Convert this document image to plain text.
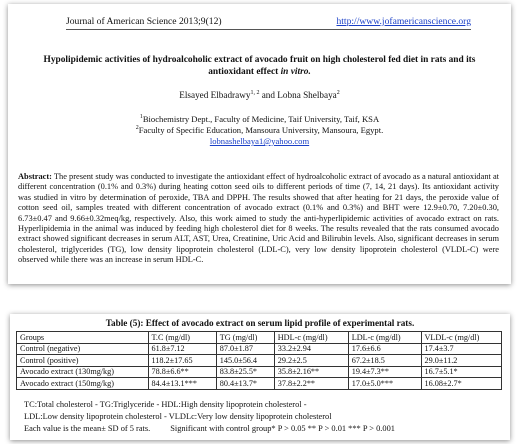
Journal of American Science 2013;9(12)	http://www.jofamericanscience.org
Hypolipidemic activities of hydroalcoholic extract of avocado fruit on high cholesterol fed diet in rats and its antioxidant effect in vitro.
Elsayed Elbadrawy$^{1, 2}$ and Lobna Shelbaya$^2$
$^1$Biochemistry Dept., Faculty of Medicine, Taif University, Taif, KSA
$^2$Faculty of Specific Education, Mansoura University, Mansoura, Egypt.
lobnashelbaya1@yahoo.com
Abstract: The present study was conducted to investigate the antioxidant effect of hydroalcoholic extract of avocado as a natural antioxidant at different concentration (0.1% and 0.3%) during heating cotton seed oils to different periods of time (7, 14, 21 days). Its antioxidant activity was studied in vitro by determination of peroxide, TBA and DPPH. The results showed that after heating for 21 days, the peroxide value of cotton seed oil, samples treated with different concentration of avocado extract (0.1% and 0.3%) and BHT were 12.9±0.70, 7.20±0.30, 6.73±0.47 and 9.66±0.32meq/kg, respectively. Also, this work aimed to study the anti-hyperlipidemic activities of avocado extract on rats. Hyperlipidemia in the animal was induced by feeding high cholesterol diet for 8 weeks. The results revealed that the rats consumed avocado extract showed significant decreases in serum ALT, AST, Urea, Creatinine, Uric Acid and Bilirubin levels. Also, significant decreases in serum cholesterol, triglycerides (TG), low density lipoprotein cholesterol (LDL-C), very low density lipoprotein cholesterol (VLDL-C) were observed while there was an increase in serum HDL-C.
Table (5): Effect of avocado extract on serum lipid profile of experimental rats.
Groups	T.C (mg/dl)	TG (mg/dl)	HDL-c (mg/dl)	LDL-c (mg/dl)	VLDL-c (mg/dl)
Control (negative)	61.8±7.12	87.0±1.87	33.2±2.94	17.6±6.6	17.4±3.7
Control (positive)	118.2±17.65	145.0±56.4	29.2±2.5	67.2±18.5	29.0±11.2
Avocado extract (130mg/kg)	78.8±6.6**	83.8±25.5*	35.8±2.16**	19.4±7.3**	16.7±5.1*
Avocado extract (150mg/kg)	84.4±13.1***	80.4±13.7*	37.8±2.2**	17.0±5.0***	16.08±2.7*
TC:Total cholesterol - TG:Triglyceride - HDL:High density lipoprotein cholesterol -
LDL:Low density lipoprotein cholesterol - VLDLc:Very low density lipoprotein cholesterol
Each value is the mean± SD of 5 rats. Significant with control group* P > 0.05 ** P > 0.01 *** P > 0.001
